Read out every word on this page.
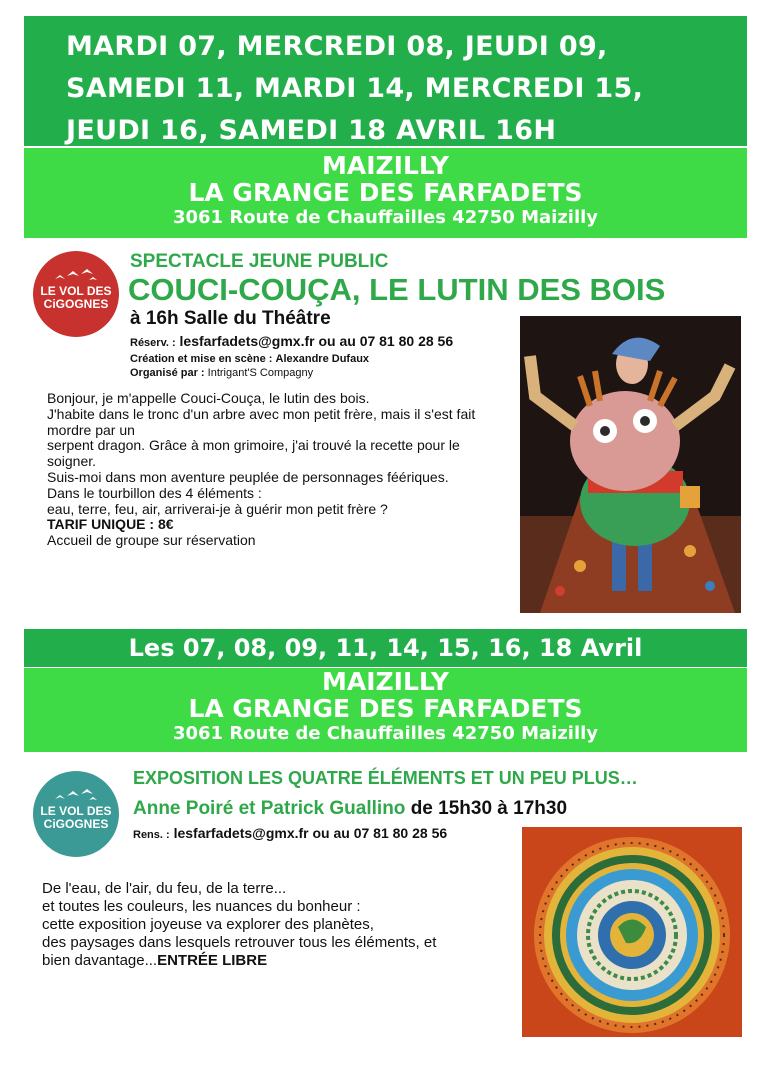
MARDI 07, MERCREDI 08, JEUDI 09,
SAMEDI 11, MARDI 14, MERCREDI 15,
JEUDI 16, SAMEDI 18 AVRIL 16H
MAIZILLY
LA GRANGE DES FARFADETS
3061 Route de Chauffailles 42750 Maizilly
LE VOL DES
CiGOGNES
SPECTACLE JEUNE PUBLIC
COUCI-COUÇA, LE LUTIN DES BOIS
à 16h Salle du Théâtre
Réserv. : lesfarfadets@gmx.fr ou au 07 81 80 28 56
Création et mise en scène : Alexandre Dufaux
Organisé par : Intrigant'S Compagny

Bonjour, je m'appelle Couci-Couça, le lutin des bois.

J'habite dans le tronc d'un arbre avec mon petit frère, mais il s'est fait mordre par un

serpent dragon. Grâce à mon grimoire, j'ai trouvé la recette pour le soigner.

Suis-moi dans mon aventure peuplée de personnages féériques.

Dans le tourbillon des 4 éléments :

eau, terre, feu, air, arriverai-je à guérir mon petit frère ?

TARIF UNIQUE : 8€

Accueil de groupe sur réservation

Les 07, 08, 09, 11, 14, 15, 16, 18 Avril
MAIZILLY
LA GRANGE DES FARFADETS
3061 Route de Chauffailles 42750 Maizilly
LE VOL DES
CiGOGNES
EXPOSITION LES QUATRE ÉLÉMENTS ET UN PEU PLUS…
Anne Poiré et Patrick Guallino de 15h30 à 17h30
Rens. : lesfarfadets@gmx.fr ou au 07 81 80 28 56
De l'eau, de l'air, du feu, de la terre...
et toutes les couleurs, les nuances du bonheur :
cette exposition joyeuse va explorer des planètes,
des paysages dans lesquels retrouver tous les éléments, et
bien davantage...ENTRÉE LIBRE
